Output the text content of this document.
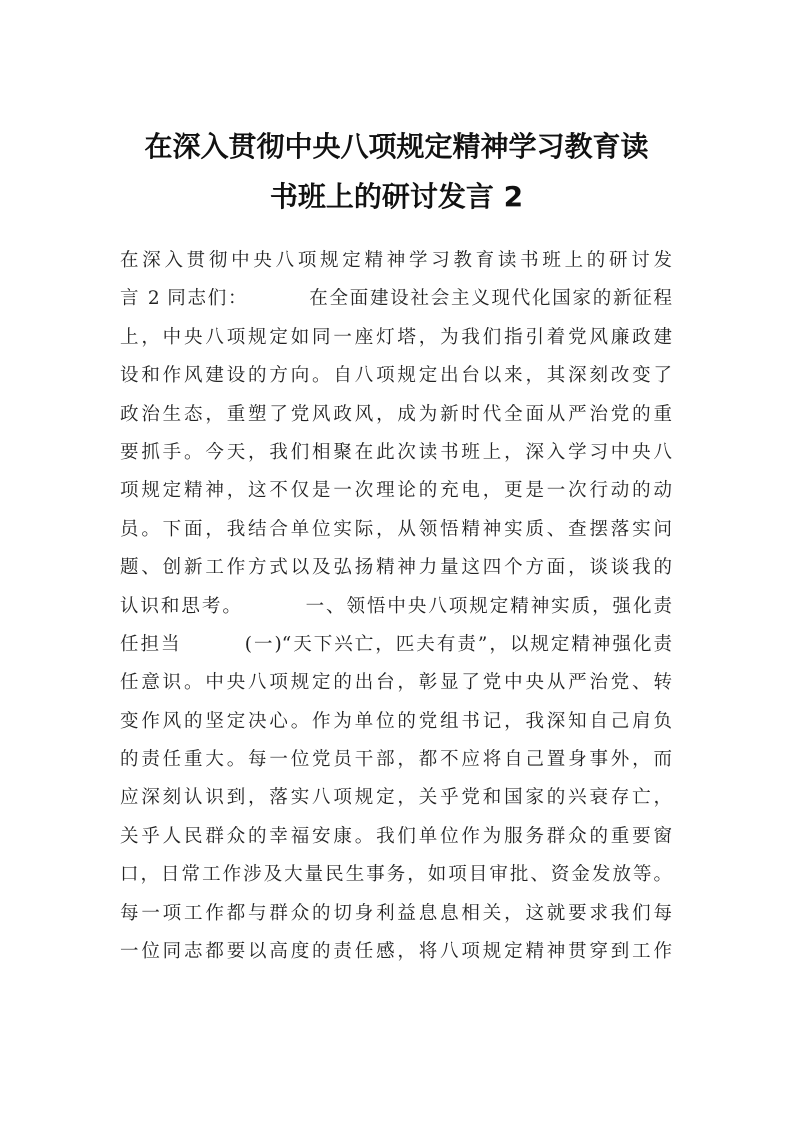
在深入贯彻中央八项规定精神学习教育读
书班上的研讨发言 2
在深入贯彻中央八项规定精神学习教育读书班上的研讨发
言 2 同志们：        在全面建设社会主义现代化国家的新征程
上，中央八项规定如同一座灯塔，为我们指引着党风廉政建
设和作风建设的方向。自八项规定出台以来，其深刻改变了
政治生态，重塑了党风政风，成为新时代全面从严治党的重
要抓手。今天，我们相聚在此次读书班上，深入学习中央八
项规定精神，这不仅是一次理论的充电，更是一次行动的动
员。下面，我结合单位实际，从领悟精神实质、查摆落实问
题、创新工作方式以及弘扬精神力量这四个方面，谈谈我的
认识和思考。        一、领悟中央八项规定精神实质，强化责
任担当        (一)“天下兴亡，匹夫有责”，以规定精神强化责
任意识。中央八项规定的出台，彰显了党中央从严治党、转
变作风的坚定决心。作为单位的党组书记，我深知自己肩负
的责任重大。每一位党员干部，都不应将自己置身事外，而
应深刻认识到，落实八项规定，关乎党和国家的兴衰存亡，
关乎人民群众的幸福安康。我们单位作为服务群众的重要窗
口，日常工作涉及大量民生事务，如项目审批、资金发放等。
每一项工作都与群众的切身利益息息相关，这就要求我们每
一位同志都要以高度的责任感，将八项规定精神贯穿到工作
